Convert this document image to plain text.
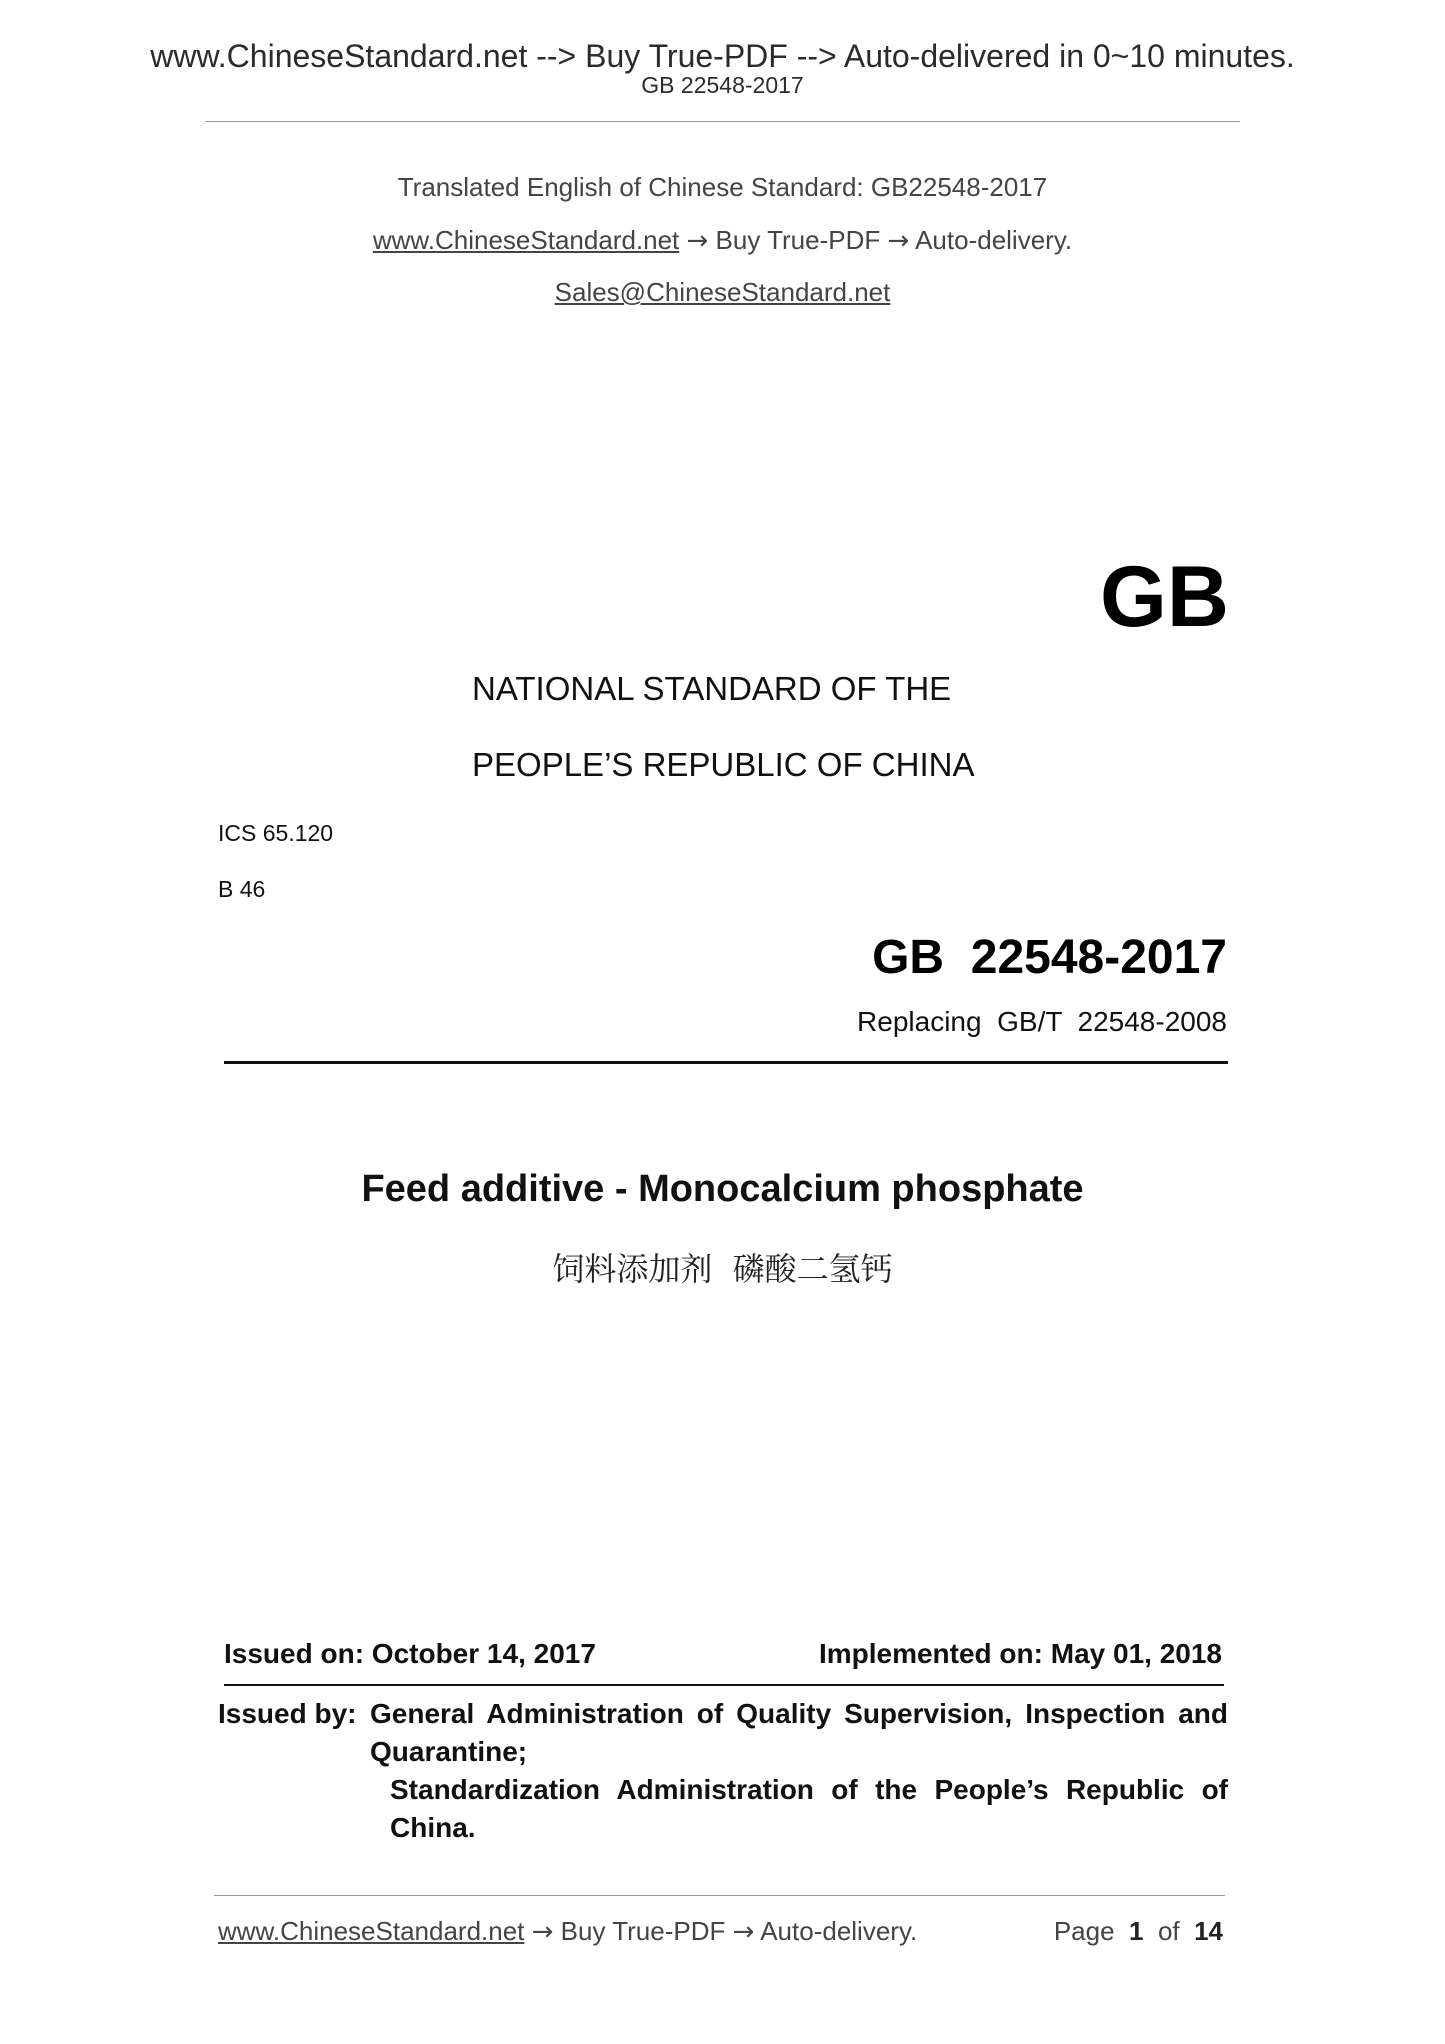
www.ChineseStandard.net --> Buy True-PDF --> Auto-delivered in 0~10 minutes.
GB 22548-2017
Translated English of Chinese Standard: GB22548-2017
www.ChineseStandard.net → Buy True-PDF → Auto-delivery.
Sales@ChineseStandard.net
GB
NATIONAL STANDARD OF THE
PEOPLE’S REPUBLIC OF CHINA
ICS 65.120
B 46
GB  22548-2017
Replacing  GB/T  22548-2008
Feed additive - Monocalcium phosphate
饲料添加剂  磷酸二氢钙
Issued on: October 14, 2017	Implemented on: May 01, 2018
Issued by: General Administration of Quality Supervision, Inspection and Quarantine;
Standardization Administration of the People’s Republic of China.
www.ChineseStandard.net → Buy True-PDF → Auto-delivery.	Page 1 of 14
